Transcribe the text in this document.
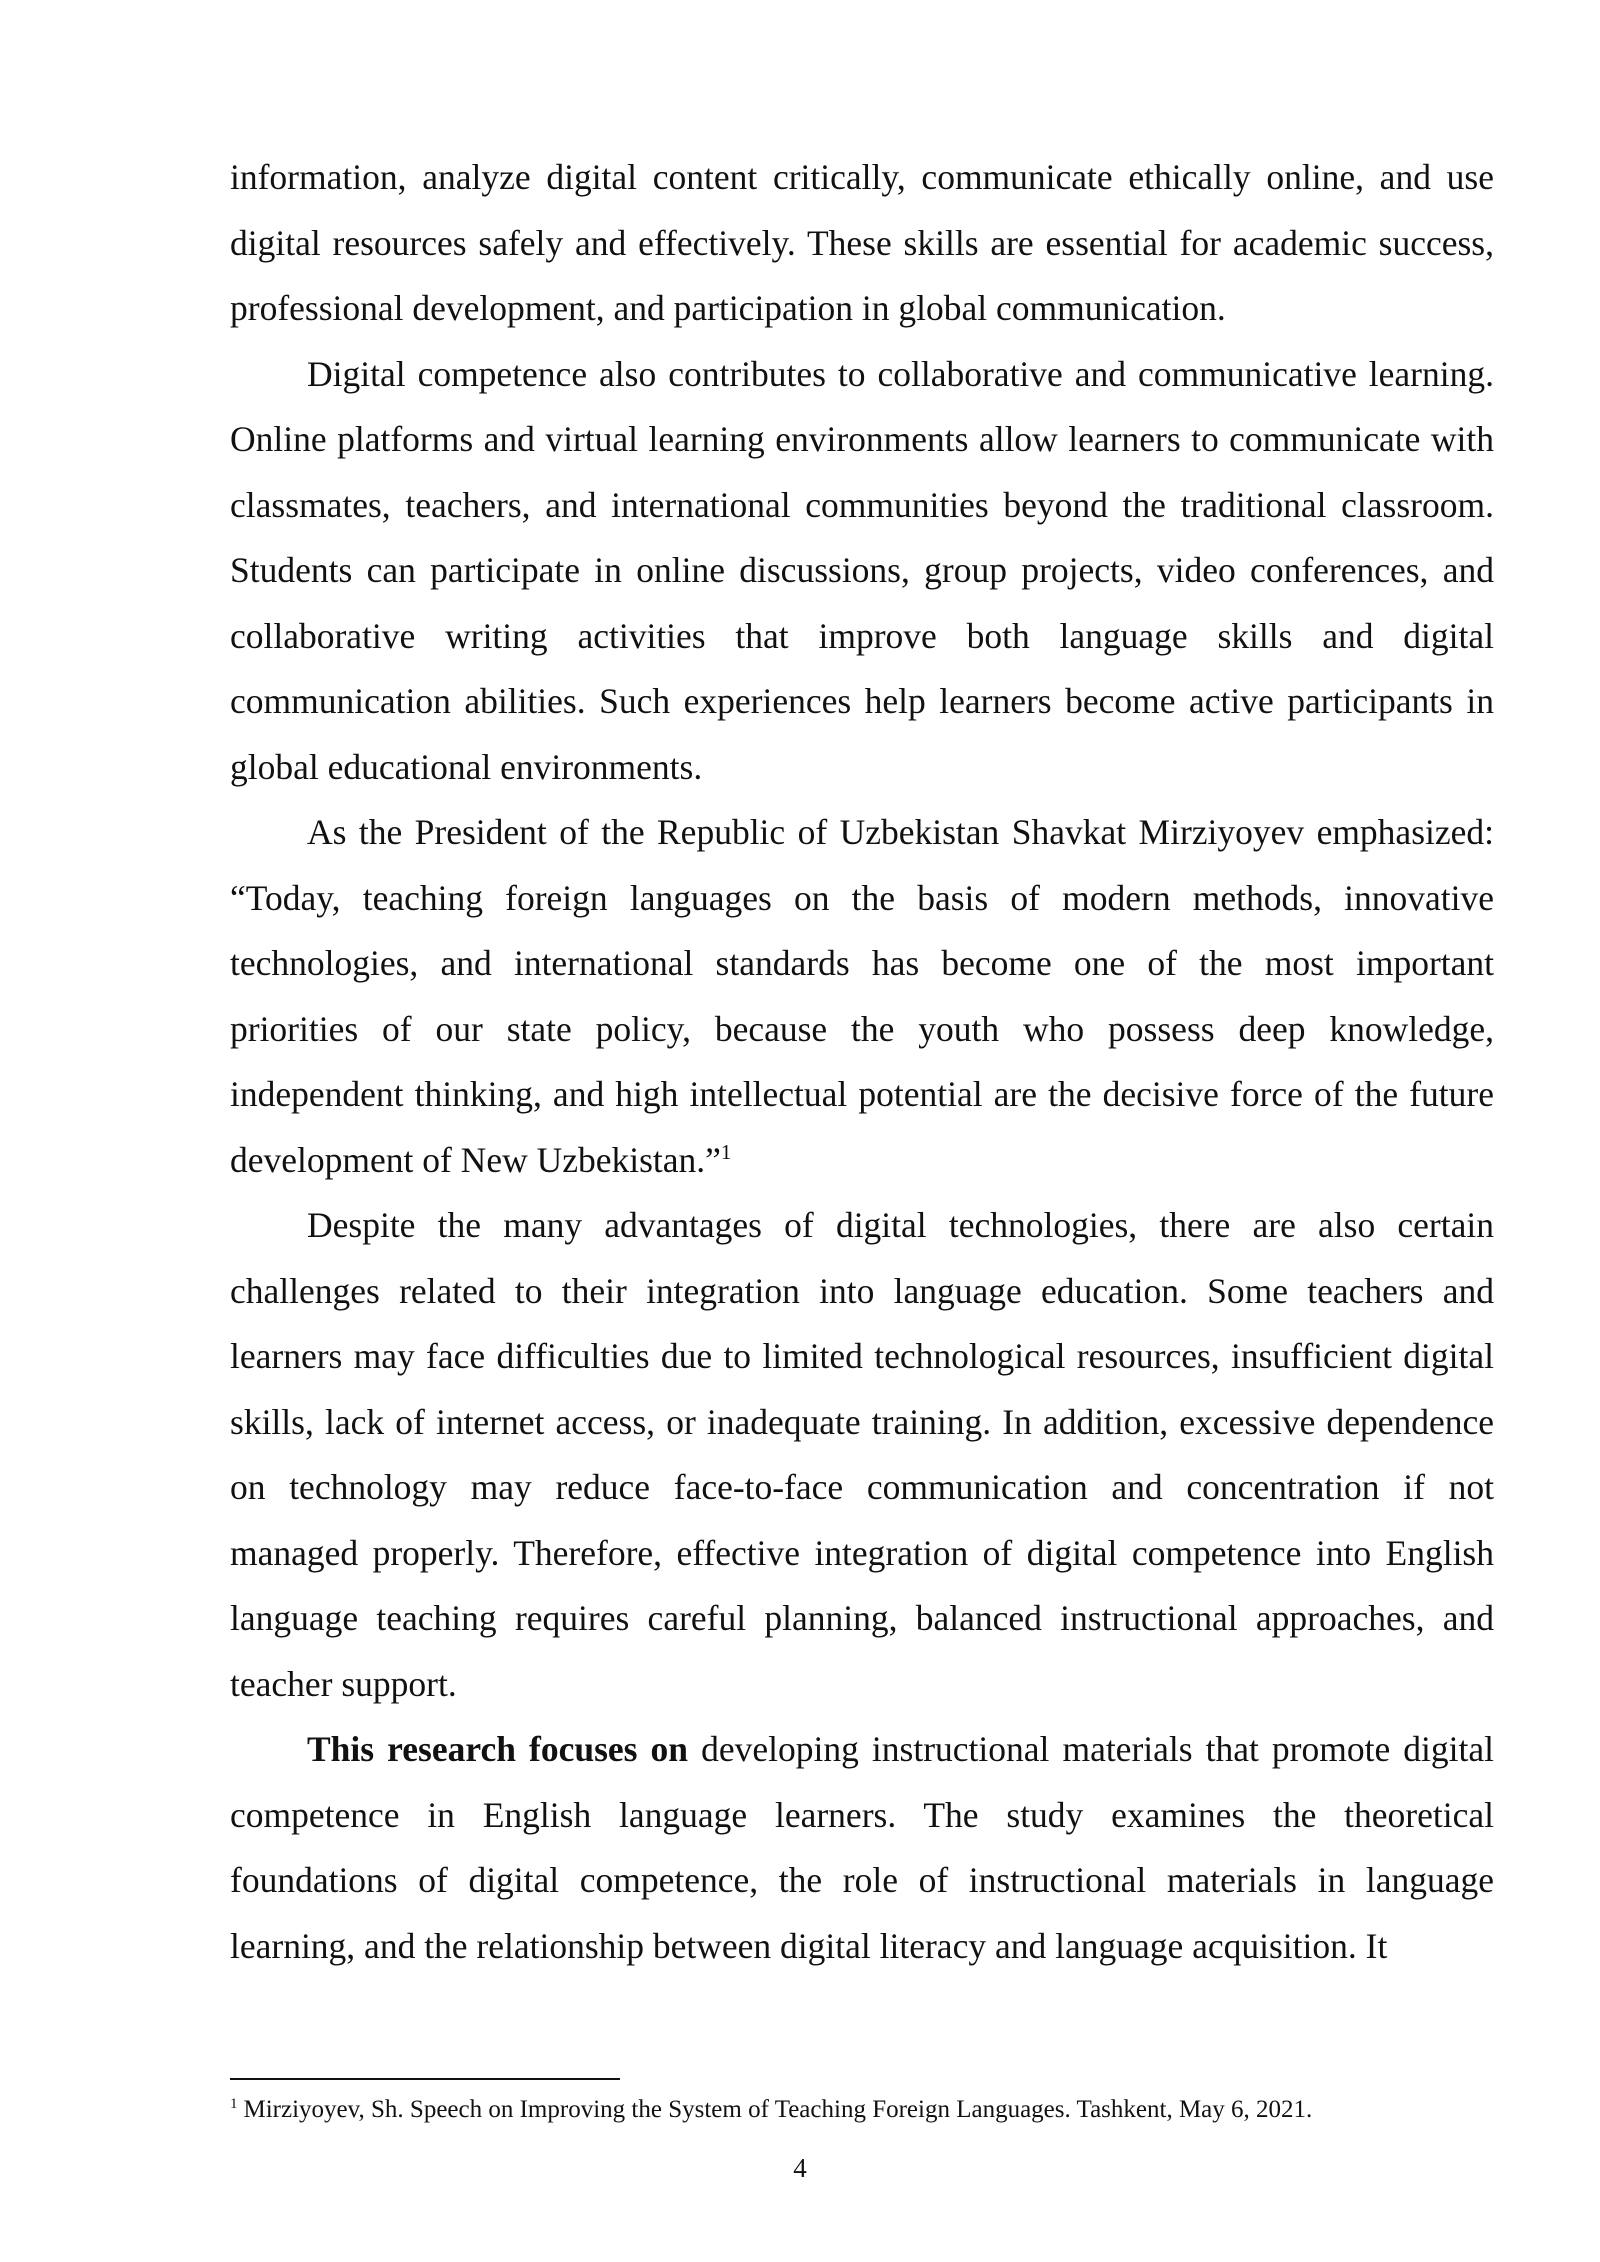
information, analyze digital content critically, communicate ethically online, and use digital resources safely and effectively. These skills are essential for academic success, professional development, and participation in global communication.

Digital competence also contributes to collaborative and communicative learning. Online platforms and virtual learning environments allow learners to communicate with classmates, teachers, and international communities beyond the traditional classroom. Students can participate in online discussions, group projects, video conferences, and collaborative writing activities that improve both language skills and digital communication abilities. Such experiences help learners become active participants in global educational environments.

As the President of the Republic of Uzbekistan Shavkat Mirziyoyev emphasized: “Today, teaching foreign languages on the basis of modern methods, innovative technologies, and international standards has become one of the most important priorities of our state policy, because the youth who possess deep knowledge, independent thinking, and high intellectual potential are the decisive force of the future development of New Uzbekistan.”$^1$

Despite the many advantages of digital technologies, there are also certain challenges related to their integration into language education. Some teachers and learners may face difficulties due to limited technological resources, insufficient digital skills, lack of internet access, or inadequate training. In addition, excessive dependence on technology may reduce face-to-face communication and concentration if not managed properly. Therefore, effective integration of digital competence into English language teaching requires careful planning, balanced instructional approaches, and teacher support.

This research focuses on developing instructional materials that promote digital competence in English language learners. The study examines the theoretical foundations of digital competence, the role of instructional materials in language learning, and the relationship between digital literacy and language acquisition. It

$^1$ Mirziyoyev, Sh. Speech on Improving the System of Teaching Foreign Languages. Tashkent, May 6, 2021.
4
